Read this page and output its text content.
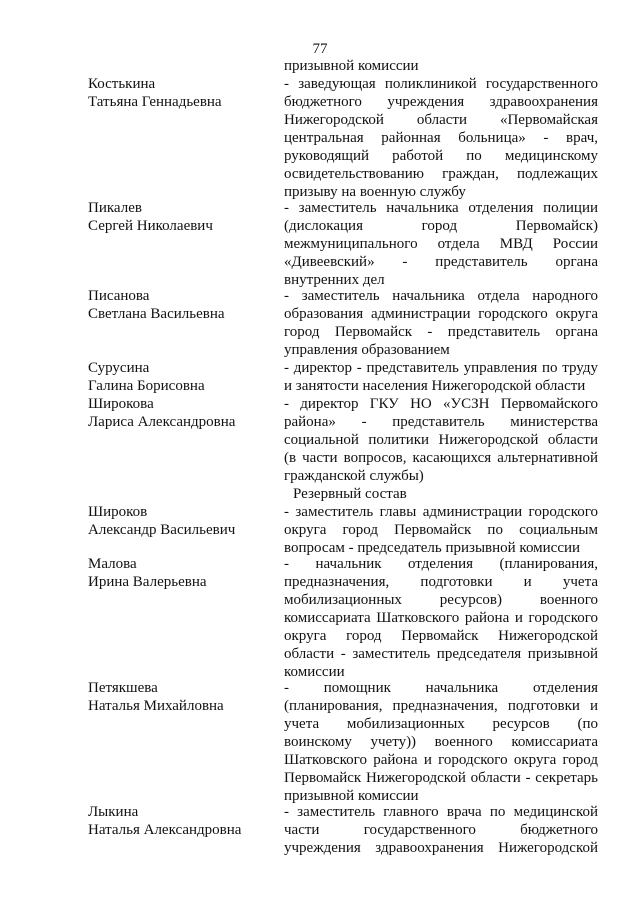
77
призывной комиссии
Костькина
Татьяна Геннадьевна
- заведующая поликлиникой государственного
бюджетного учреждения здравоохранения
Нижегородской области «Первомайская
центральная районная больница» - врач,
руководящий работой по медицинскому
освидетельствованию граждан, подлежащих
призыву на военную службу
Пикалев
Сергей Николаевич
- заместитель начальника отделения полиции
(дислокация город Первомайск)
межмуниципального отдела МВД России
«Дивеевский» - представитель органа
внутренних дел
Писанова
Светлана Васильевна
- заместитель начальника отдела народного
образования администрации городского округа
город Первомайск - представитель органа
управления образованием
Сурусина
Галина Борисовна
- директор - представитель управления по труду
и занятости населения Нижегородской области
Широкова
Лариса Александровна
- директор ГКУ НО «УСЗН Первомайского
района» - представитель министерства
социальной политики Нижегородской области
(в части вопросов, касающихся альтернативной
гражданской службы)
Резервный состав
Широков
Александр Васильевич
- заместитель главы администрации городского
округа город Первомайск по социальным
вопросам - председатель призывной комиссии
Малова
Ирина Валерьевна
- начальник отделения (планирования,
предназначения, подготовки и учета
мобилизационных ресурсов) военного
комиссариата Шатковского района и городского
округа город Первомайск Нижегородской
области - заместитель председателя призывной
комиссии
Петякшева
Наталья Михайловна
- помощник начальника отделения
(планирования, предназначения, подготовки и
учета мобилизационных ресурсов (по
воинскому учету)) военного комиссариата
Шатковского района и городского округа город
Первомайск Нижегородской области - секретарь
призывной комиссии
Лыкина
Наталья Александровна
- заместитель главного врача по медицинской
части государственного бюджетного
учреждения здравоохранения Нижегородской
